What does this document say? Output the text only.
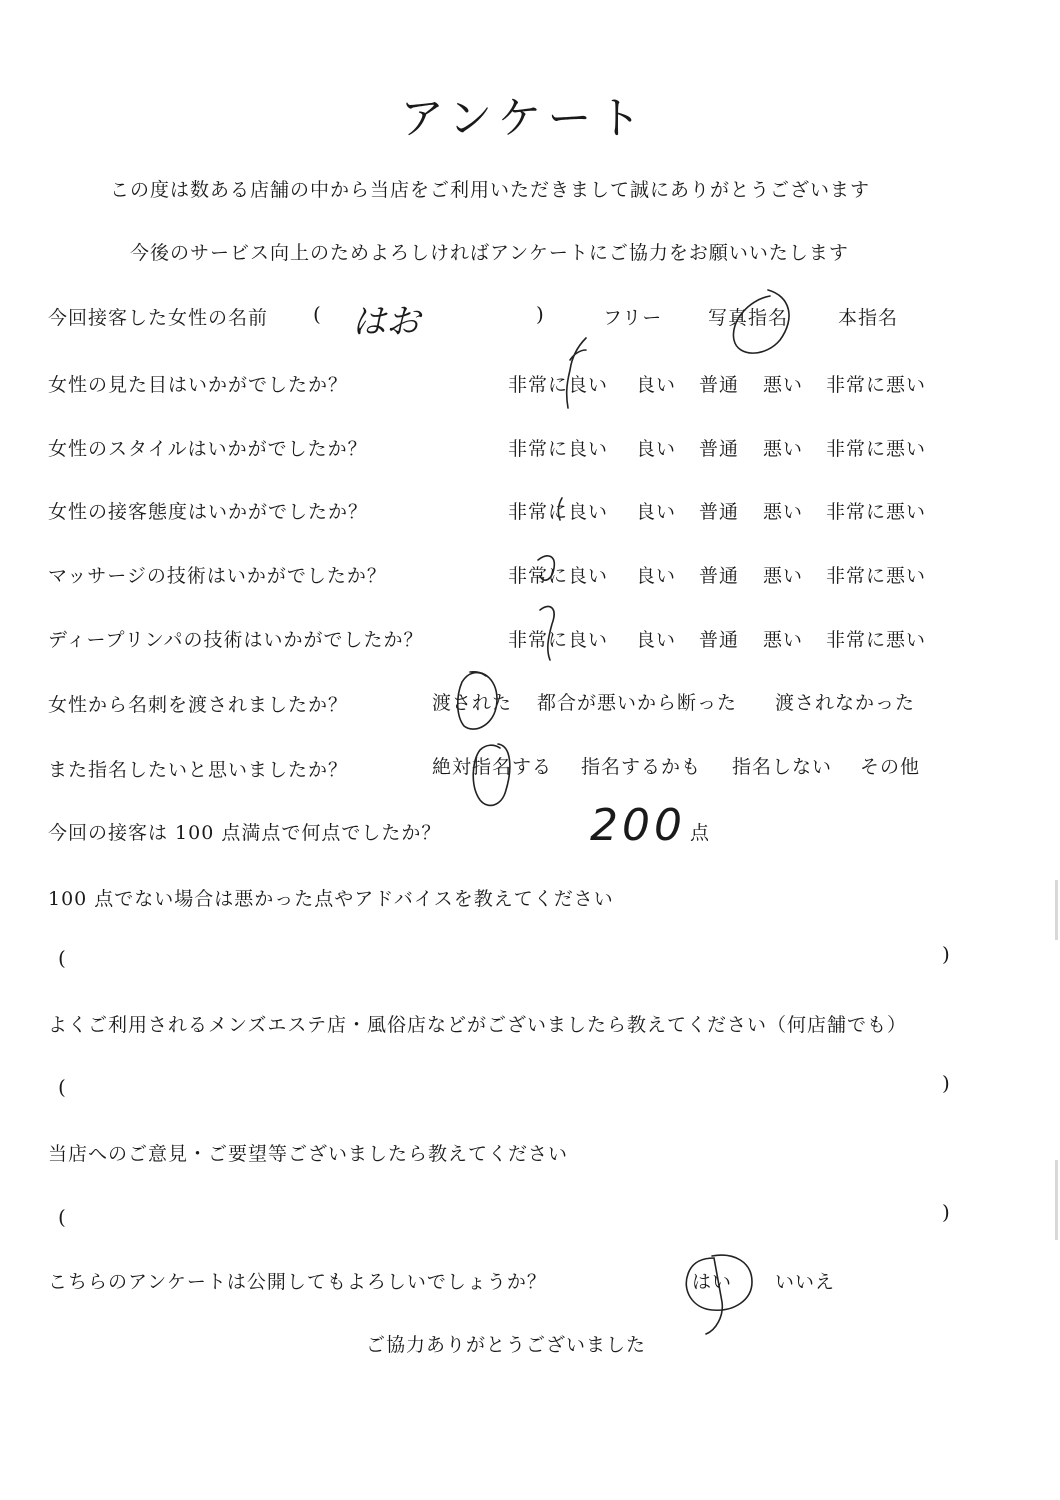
アンケート
この度は数ある店舗の中から当店をご利用いただきまして誠にありがとうございます
今後のサービス向上のためよろしければアンケートにご協力をお願いいたします
今回接客した女性の名前 ( はお	)	フリー 写真指名	本指名
女性の見た目はいかがでしたか？	非常に良い 良い 普通 悪い 非常に悪い
女性のスタイルはいかがでしたか？	非常に良い 良い 普通 悪い 非常に悪い
女性の接客態度はいかがでしたか？	非常に良い 良い 普通 悪い 非常に悪い
マッサージの技術はいかがでしたか？	非常に良い 良い 普通 悪い 非常に悪い
ディープリンパの技術はいかがでしたか？	非常に良い 良い 普通 悪い 非常に悪い
女性から名刺を渡されましたか？	渡された 都合が悪いから断った 渡されなかった
また指名したいと思いましたか？	絶対指名する 指名するかも 指名しない その他
今回の接客は 100 点満点で何点でしたか？	200 点
100 点でない場合は悪かった点やアドバイスを教えてください
(	)
よくご利用されるメンズエステ店・風俗店などがございましたら教えてください（何店舗でも）
(	)
当店へのご意見・ご要望等ございましたら教えてください
(	)
こちらのアンケートは公開してもよろしいでしょうか？	はい いいえ
ご協力ありがとうございました
